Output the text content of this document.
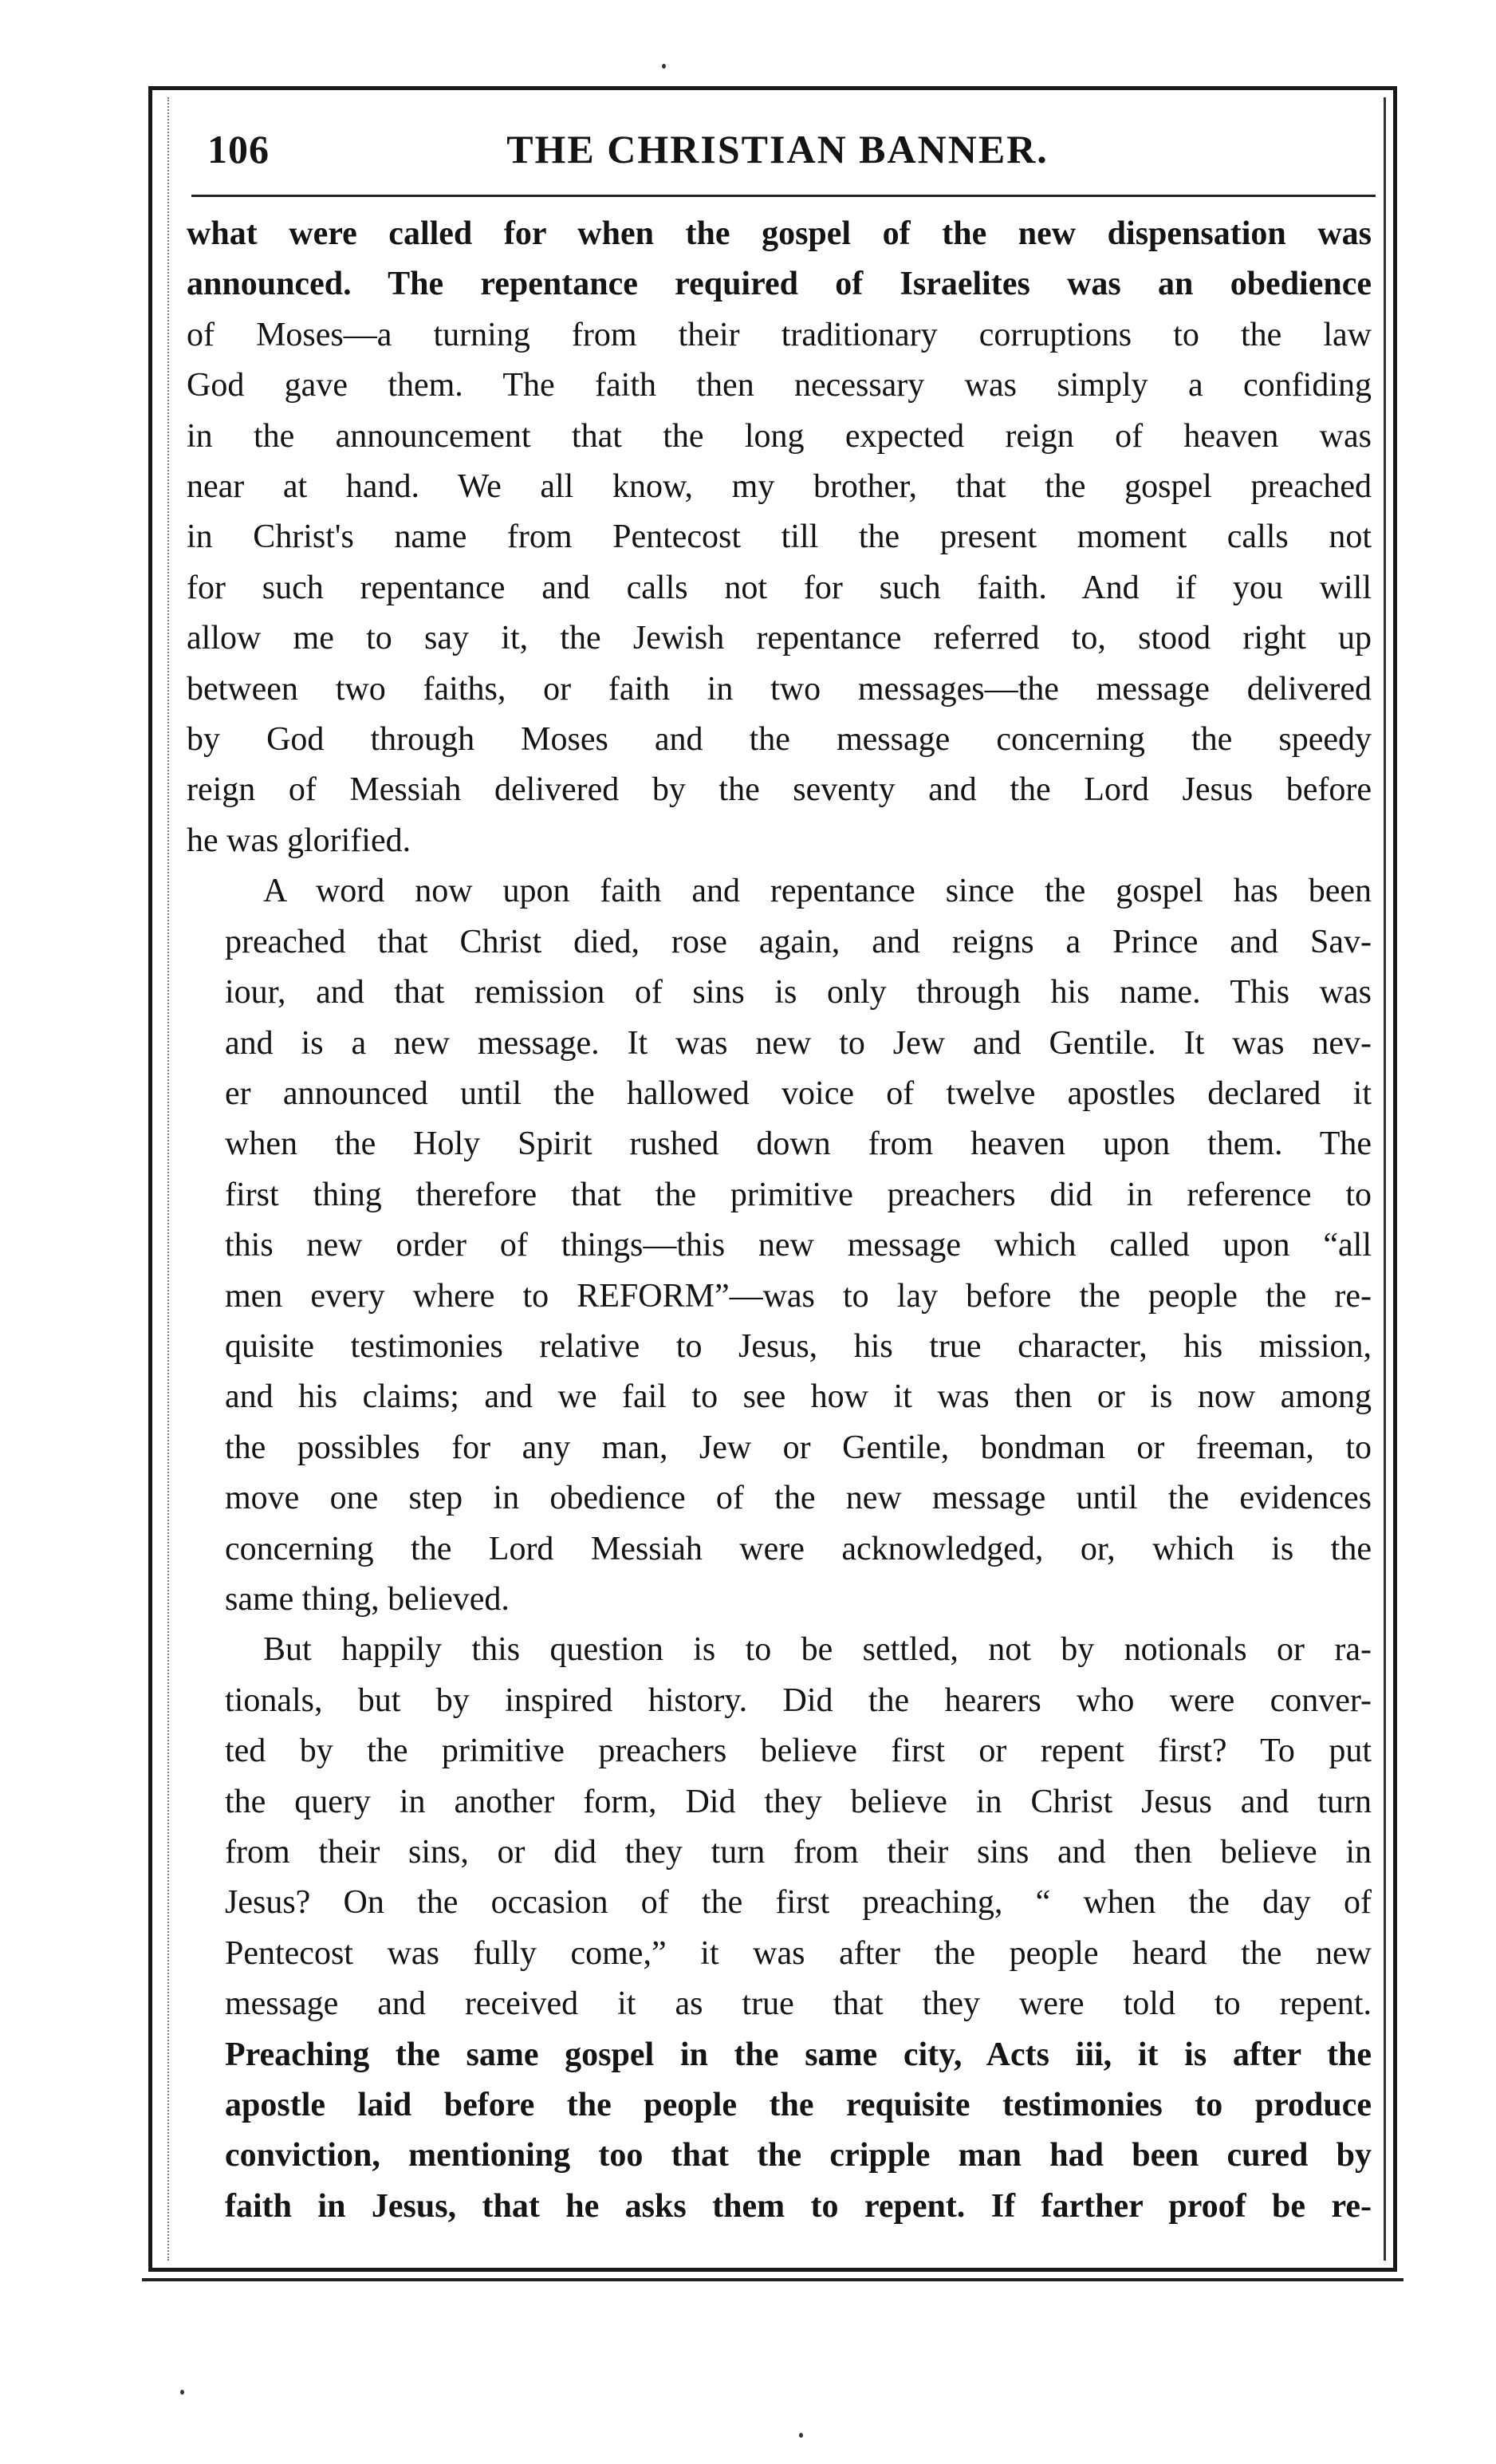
106	THE CHRISTIAN BANNER.

what were called for when the gospel of the new dispensation was
announced. The repentance required of Israelites was an obedience
of Moses—a turning from their traditionary corruptions to the law
God gave them. The faith then necessary was simply a confiding
in the announcement that the long expected reign of heaven was
near at hand. We all know, my brother, that the gospel preached
in Christ's name from Pentecost till the present moment calls not
for such repentance and calls not for such faith. And if you will
allow me to say it, the Jewish repentance referred to, stood right up
between two faiths, or faith in two messages—the message delivered
by God through Moses and the message concerning the speedy
reign of Messiah delivered by the seventy and the Lord Jesus before
he was glorified.

A word now upon faith and repentance since the gospel has been
preached that Christ died, rose again, and reigns a Prince and Sav-
iour, and that remission of sins is only through his name. This was
and is a new message. It was new to Jew and Gentile. It was nev-
er announced until the hallowed voice of twelve apostles declared it
when the Holy Spirit rushed down from heaven upon them. The
first thing therefore that the primitive preachers did in reference to
this new order of things—this new message which called upon “all
men every where to REFORM”—was to lay before the people the re-
quisite testimonies relative to Jesus, his true character, his mission,
and his claims; and we fail to see how it was then or is now among
the possibles for any man, Jew or Gentile, bondman or freeman, to
move one step in obedience of the new message until the evidences
concerning the Lord Messiah were acknowledged, or, which is the
same thing, believed.

But happily this question is to be settled, not by notionals or ra-
tionals, but by inspired history. Did the hearers who were conver-
ted by the primitive preachers believe first or repent first? To put
the query in another form, Did they believe in Christ Jesus and turn
from their sins, or did they turn from their sins and then believe in
Jesus? On the occasion of the first preaching, “ when the day of
Pentecost was fully come,” it was after the people heard the new
message and received it as true that they were told to repent.
Preaching the same gospel in the same city, Acts iii, it is after the
apostle laid before the people the requisite testimonies to produce
conviction, mentioning too that the cripple man had been cured by
faith in Jesus, that he asks them to repent. If farther proof be re-
